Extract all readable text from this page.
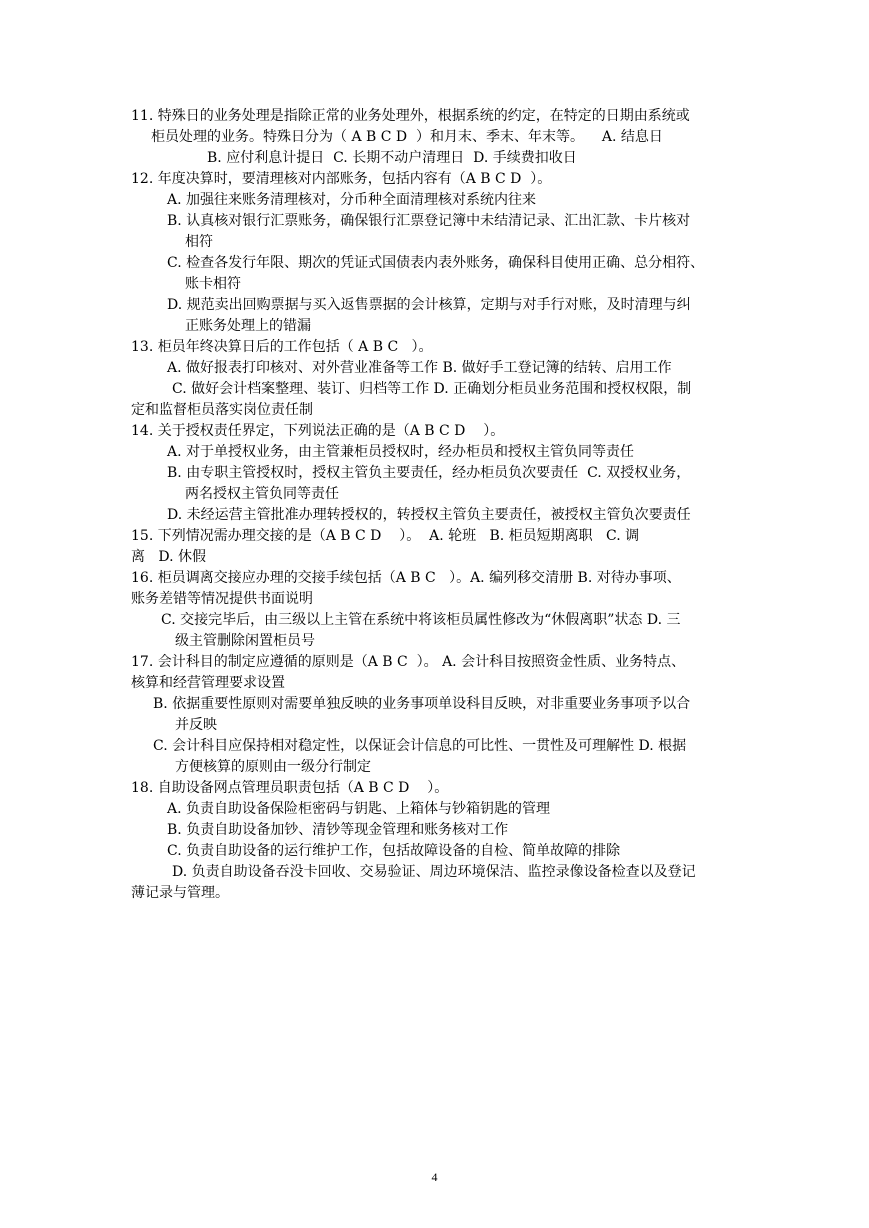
11. 特殊日的业务处理是指除正常的业务处理外，根据系统的约定，在特定的日期由系统或
柜员处理的业务。特殊日分为（ A B C D  ）和月末、季末、年末等。    A. 结息日
B. 应付利息计提日  C. 长期不动户清理日  D. 手续费扣收日
12. 年度决算时，要清理核对内部账务，包括内容有（A B C D  ）。
A. 加强往来账务清理核对，分币种全面清理核对系统内往来
B. 认真核对银行汇票账务，确保银行汇票登记簿中未结清记录、汇出汇款、卡片核对
相符
C. 检查各发行年限、期次的凭证式国债表内表外账务，确保科目使用正确、总分相符、
账卡相符
D. 规范卖出回购票据与买入返售票据的会计核算，定期与对手行对账，及时清理与纠
正账务处理上的错漏
13. 柜员年终决算日后的工作包括（ A B C   ）。
A. 做好报表打印核对、对外营业准备等工作 B. 做好手工登记簿的结转、启用工作
C. 做好会计档案整理、装订、归档等工作 D. 正确划分柜员业务范围和授权权限，制
定和监督柜员落实岗位责任制
14. 关于授权责任界定，下列说法正确的是（A B C D    ）。
A. 对于单授权业务，由主管兼柜员授权时，经办柜员和授权主管负同等责任
B. 由专职主管授权时，授权主管负主要责任，经办柜员负次要责任  C. 双授权业务，
两名授权主管负同等责任
D. 未经运营主管批准办理转授权的，转授权主管负主要责任，被授权主管负次要责任
15. 下列情况需办理交接的是（A B C D    ）。  A. 轮班   B. 柜员短期离职   C. 调
离   D. 休假
16. 柜员调离交接应办理的交接手续包括（A B C   ）。A. 编列移交清册 B. 对待办事项、
账务差错等情况提供书面说明
C. 交接完毕后，由三级以上主管在系统中将该柜员属性修改为“休假离职”状态 D. 三
级主管删除闲置柜员号
17. 会计科目的制定应遵循的原则是（A B C  ）。 A. 会计科目按照资金性质、业务特点、
核算和经营管理要求设置
B. 依据重要性原则对需要单独反映的业务事项单设科目反映，对非重要业务事项予以合
并反映
C. 会计科目应保持相对稳定性，以保证会计信息的可比性、一贯性及可理解性 D. 根据
方便核算的原则由一级分行制定
18. 自助设备网点管理员职责包括（A B C D    ）。
A. 负责自助设备保险柜密码与钥匙、上箱体与钞箱钥匙的管理
B. 负责自助设备加钞、清钞等现金管理和账务核对工作
C. 负责自助设备的运行维护工作，包括故障设备的自检、简单故障的排除
D. 负责自助设备吞没卡回收、交易验证、周边环境保洁、监控录像设备检查以及登记
薄记录与管理。
4
